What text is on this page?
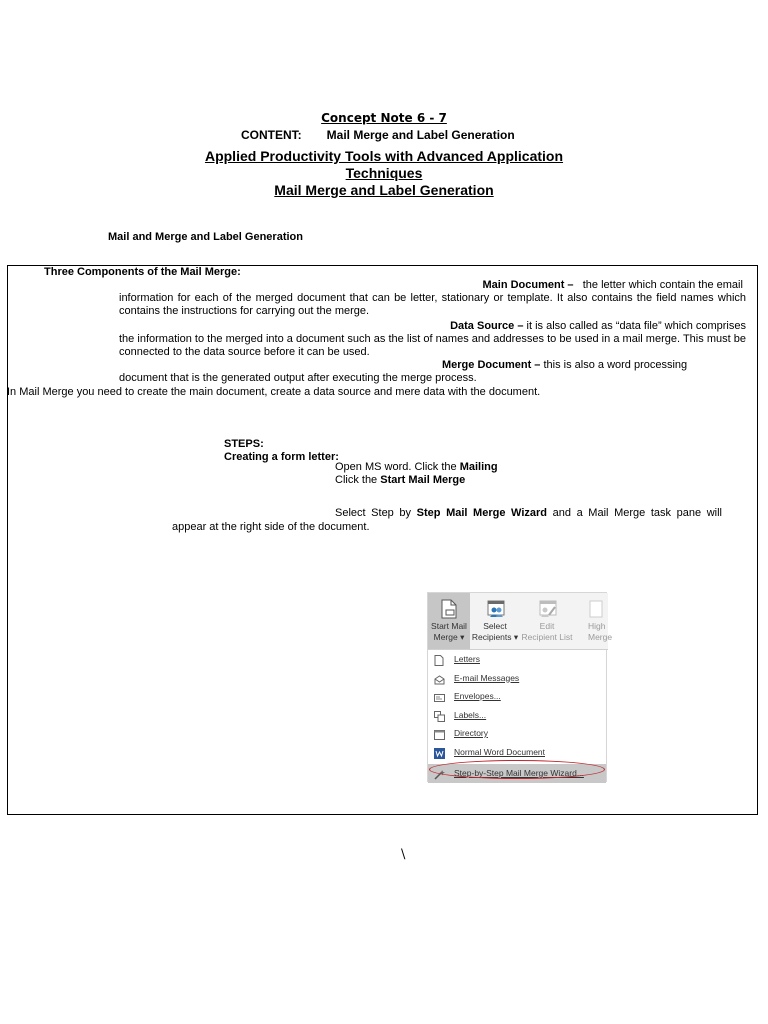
Concept Note 6 - 7
CONTENT: Mail Merge and Label Generation
Applied Productivity Tools with Advanced Application
Techniques
Mail Merge and Label Generation
Mail and Merge and Label Generation
Three Components of the Mail Merge:
Main Document – the letter which contain the email
information for each of the merged document that can be letter, stationary or template. It also contains the field names which contains the instructions for carrying out the merge.
Data Source – it is also called as “data file” which comprises
the information to the merged into a document such as the list of names and addresses to be used in a mail merge. This must be connected to the data source before it can be used.
Merge Document – this is also a word processing
document that is the generated output after executing the merge process.
In Mail Merge you need to create the main document, create a data source and mere data with the document.
STEPS:
Creating a form letter:
Open MS word. Click the Mailing
Click the Start Mail Merge
Select Step by Step Mail Merge Wizard and a Mail Merge task pane will
appear at the right side of the document.
Start Mail
Merge ▾
Select
Recipients ▾
Edit
Recipient List
High
Merge
Letters
E-mail Messages
Envelopes...
Labels...
Directory
Normal Word Document
Step-by-Step Mail Merge Wizard...
\
